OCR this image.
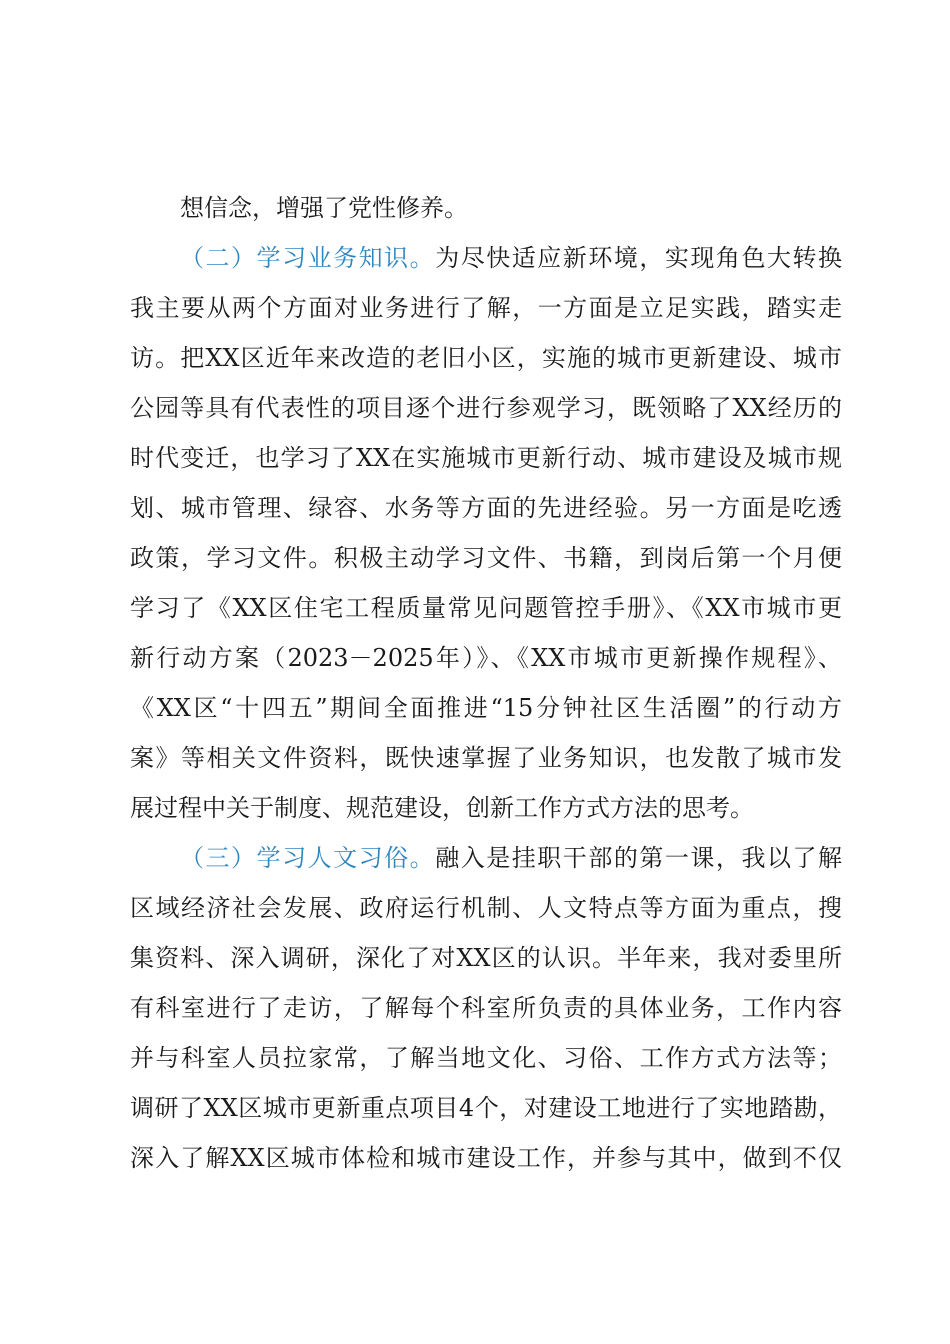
想信念，增强了党性修养。
（二）学习业务知识。为尽快适应新环境，实现角色大转换
我主要从两个方面对业务进行了解，一方面是立足实践，踏实走
访。把XX区近年来改造的老旧小区，实施的城市更新建设、城市
公园等具有代表性的项目逐个进行参观学习，既领略了XX经历的
时代变迁，也学习了XX在实施城市更新行动、城市建设及城市规
划、城市管理、绿容、水务等方面的先进经验。另一方面是吃透
政策，学习文件。积极主动学习文件、书籍，到岗后第一个月便
学习了《XX区住宅工程质量常见问题管控手册》、《XX市城市更
新行动方案（2023－2025年）》、《XX市城市更新操作规程》、
《XX区“十四五”期间全面推进“15分钟社区生活圈”的行动方
案》等相关文件资料，既快速掌握了业务知识，也发散了城市发
展过程中关于制度、规范建设，创新工作方式方法的思考。
（三）学习人文习俗。融入是挂职干部的第一课，我以了解
区域经济社会发展、政府运行机制、人文特点等方面为重点，搜
集资料、深入调研，深化了对XX区的认识。半年来，我对委里所
有科室进行了走访，了解每个科室所负责的具体业务，工作内容
并与科室人员拉家常，了解当地文化、习俗、工作方式方法等；
调研了XX区城市更新重点项目4个，对建设工地进行了实地踏勘，
深入了解XX区城市体检和城市建设工作，并参与其中，做到不仅
